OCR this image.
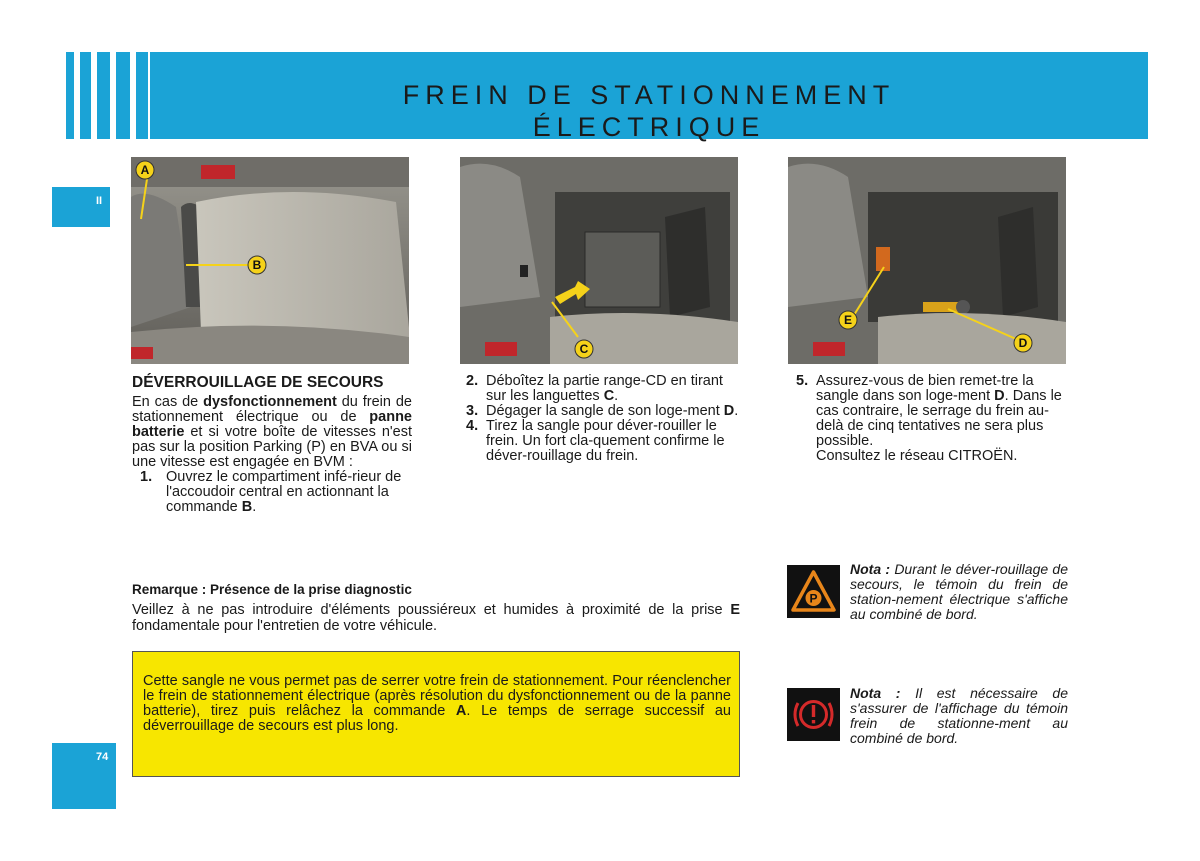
FREIN DE STATIONNEMENT
ÉLECTRIQUE
II
74
A
B
C
E
D
DÉVERROUILLAGE DE SECOURS

En cas de dysfonctionnement du frein de stationnement électrique ou de panne batterie et si votre boîte de vitesses n'est pas sur la position Parking (P) en BVA ou si une vitesse est engagée en BVM :

1. Ouvrez le compartiment infé-rieur de l'accoudoir central en actionnant la commande B.
2. Déboîtez la partie range-CD en tirant sur les languettes C.
3. Dégager la sangle de son loge-ment D.
4. Tirez la sangle pour déver-rouiller le frein. Un fort cla-quement confirme le déver-rouillage du frein.
5. Assurez-vous de bien remet-tre la sangle dans son loge-ment D. Dans le cas contraire, le serrage du frein au-delà de cinq tentatives ne sera plus possible.
Consultez le réseau CITROËN.
Remarque : Présence de la prise diagnostic
Veillez à ne pas introduire d'éléments poussiéreux et humides à proximité de la prise E fondamentale pour l'entretien de votre véhicule.

Cette sangle ne vous permet pas de serrer votre frein de stationnement. Pour réenclencher le frein de stationnement électrique (après résolution du dysfonctionnement ou de la panne batterie), tirez puis relâchez la commande A. Le temps de serrage successif au déverrouillage de secours est plus long.

P
Nota : Durant le déver-rouillage de secours, le témoin du frein de station-nement électrique s'affiche au combiné de bord.
Nota : Il est nécessaire de s'assurer de l'affichage du témoin frein de stationne-ment au combiné de bord.
